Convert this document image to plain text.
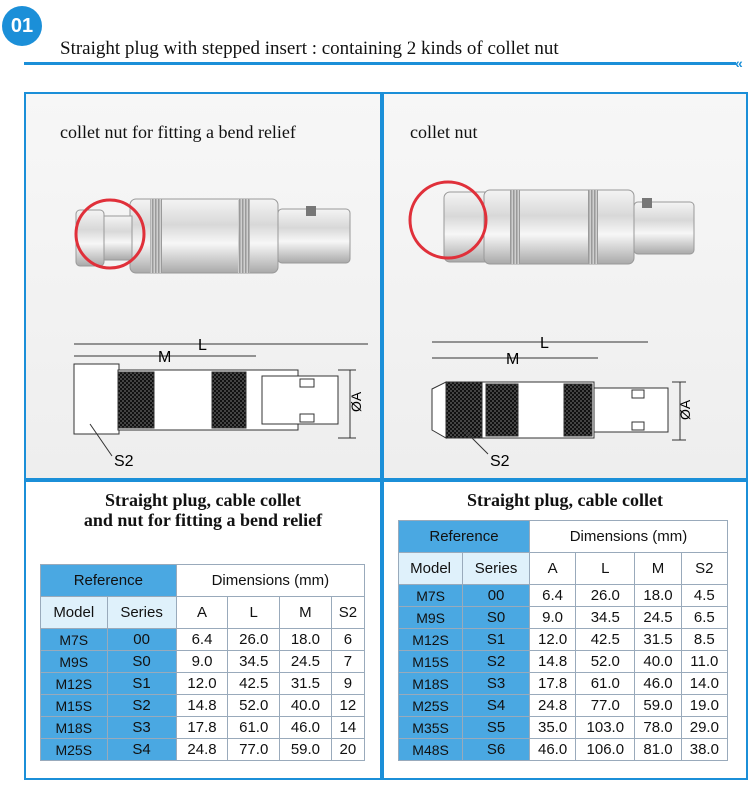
01
Straight plug with stepped insert : containing 2 kinds of collet nut
«
collet nut for fitting a bend relief
ØA
L
M
S2
collet nut
ØA
L
M
S2
Straight plug, cable collet
and nut for fitting a bend relief
Reference		Dimensions (mm)			
Model	Series	A	L	M	S2
M7S	00	6.4	26.0	18.0	6
M9S	S0	9.0	34.5	24.5	7
M12S	S1	12.0	42.5	31.5	9
M15S	S2	14.8	52.0	40.0	12
M18S	S3	17.8	61.0	46.0	14
M25S	S4	24.8	77.0	59.0	20
Straight plug, cable collet
Reference		Dimensions (mm)			
Model	Series	A	L	M	S2
M7S	00	6.4	26.0	18.0	4.5
M9S	S0	9.0	34.5	24.5	6.5
M12S	S1	12.0	42.5	31.5	8.5
M15S	S2	14.8	52.0	40.0	11.0
M18S	S3	17.8	61.0	46.0	14.0
M25S	S4	24.8	77.0	59.0	19.0
M35S	S5	35.0	103.0	78.0	29.0
M48S	S6	46.0	106.0	81.0	38.0
